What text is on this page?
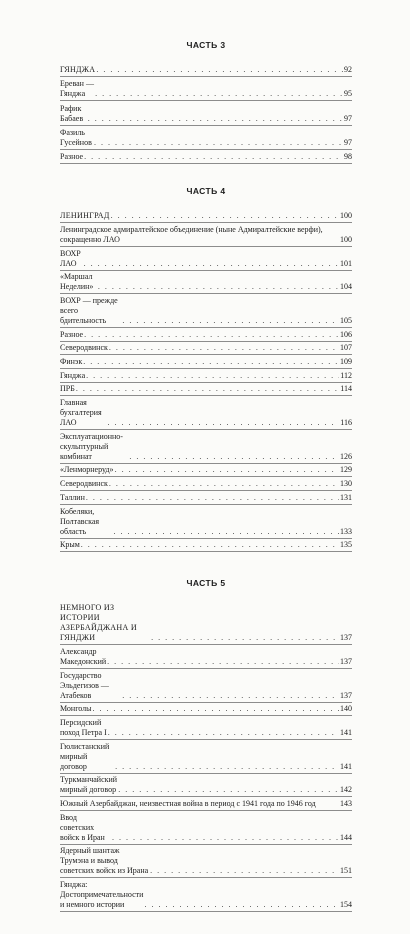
ЧАСТЬ 3
ГЯНДЖА . . .	92
Ереван — Гянджа . . .	95
Рафик Бабаев . . .	97
Фазиль Гусейнов . . .	97
Разное . . .	98
ЧАСТЬ 4
ЛЕНИНГРАД . . .	100
Ленинградское адмиралтейское объединение (ныне Адмиралтейские верфи), сокращенно ЛАО	100
ВОХР ЛАО . . .	101
«Маршал Неделин» . . .	104
ВОХР — прежде всего бдительность . . .	105
Разное . . .	106
Северодвинск . . .	107
Финэк . . .	109
Гянджа . . .	112
ПРБ . . .	114
Главная бухгалтерия ЛАО . . .	116
Эксплуатационно-скульптурный комбинат . . .	126
«Ленморнеруд» . . .	129
Северодвинск . . .	130
Таллин . . .	131
Кобеляки, Полтавская область . . .	133
Крым . . .	135
ЧАСТЬ 5
НЕМНОГО ИЗ ИСТОРИИ АЗЕРБАЙДЖАНА И ГЯНДЖИ . . .	137
Александр Македонский . . .	137
Государство Эльдегизов — Атабеков . . .	137
Монголы . . .	140
Персидский поход Петра I . . .	141
Гюлистанский мирный договор . . .	141
Туркманчайский мирный договор . . .	142
Южный Азербайджан, неизвестная война в период с 1941 года по 1946 год	143
Ввод советских войск в Иран . . .	144
Ядерный шантаж Трумэна и вывод советских войск из Ирана . . .	151
Гянджа: Достопримечательности и немного истории . . .	154
